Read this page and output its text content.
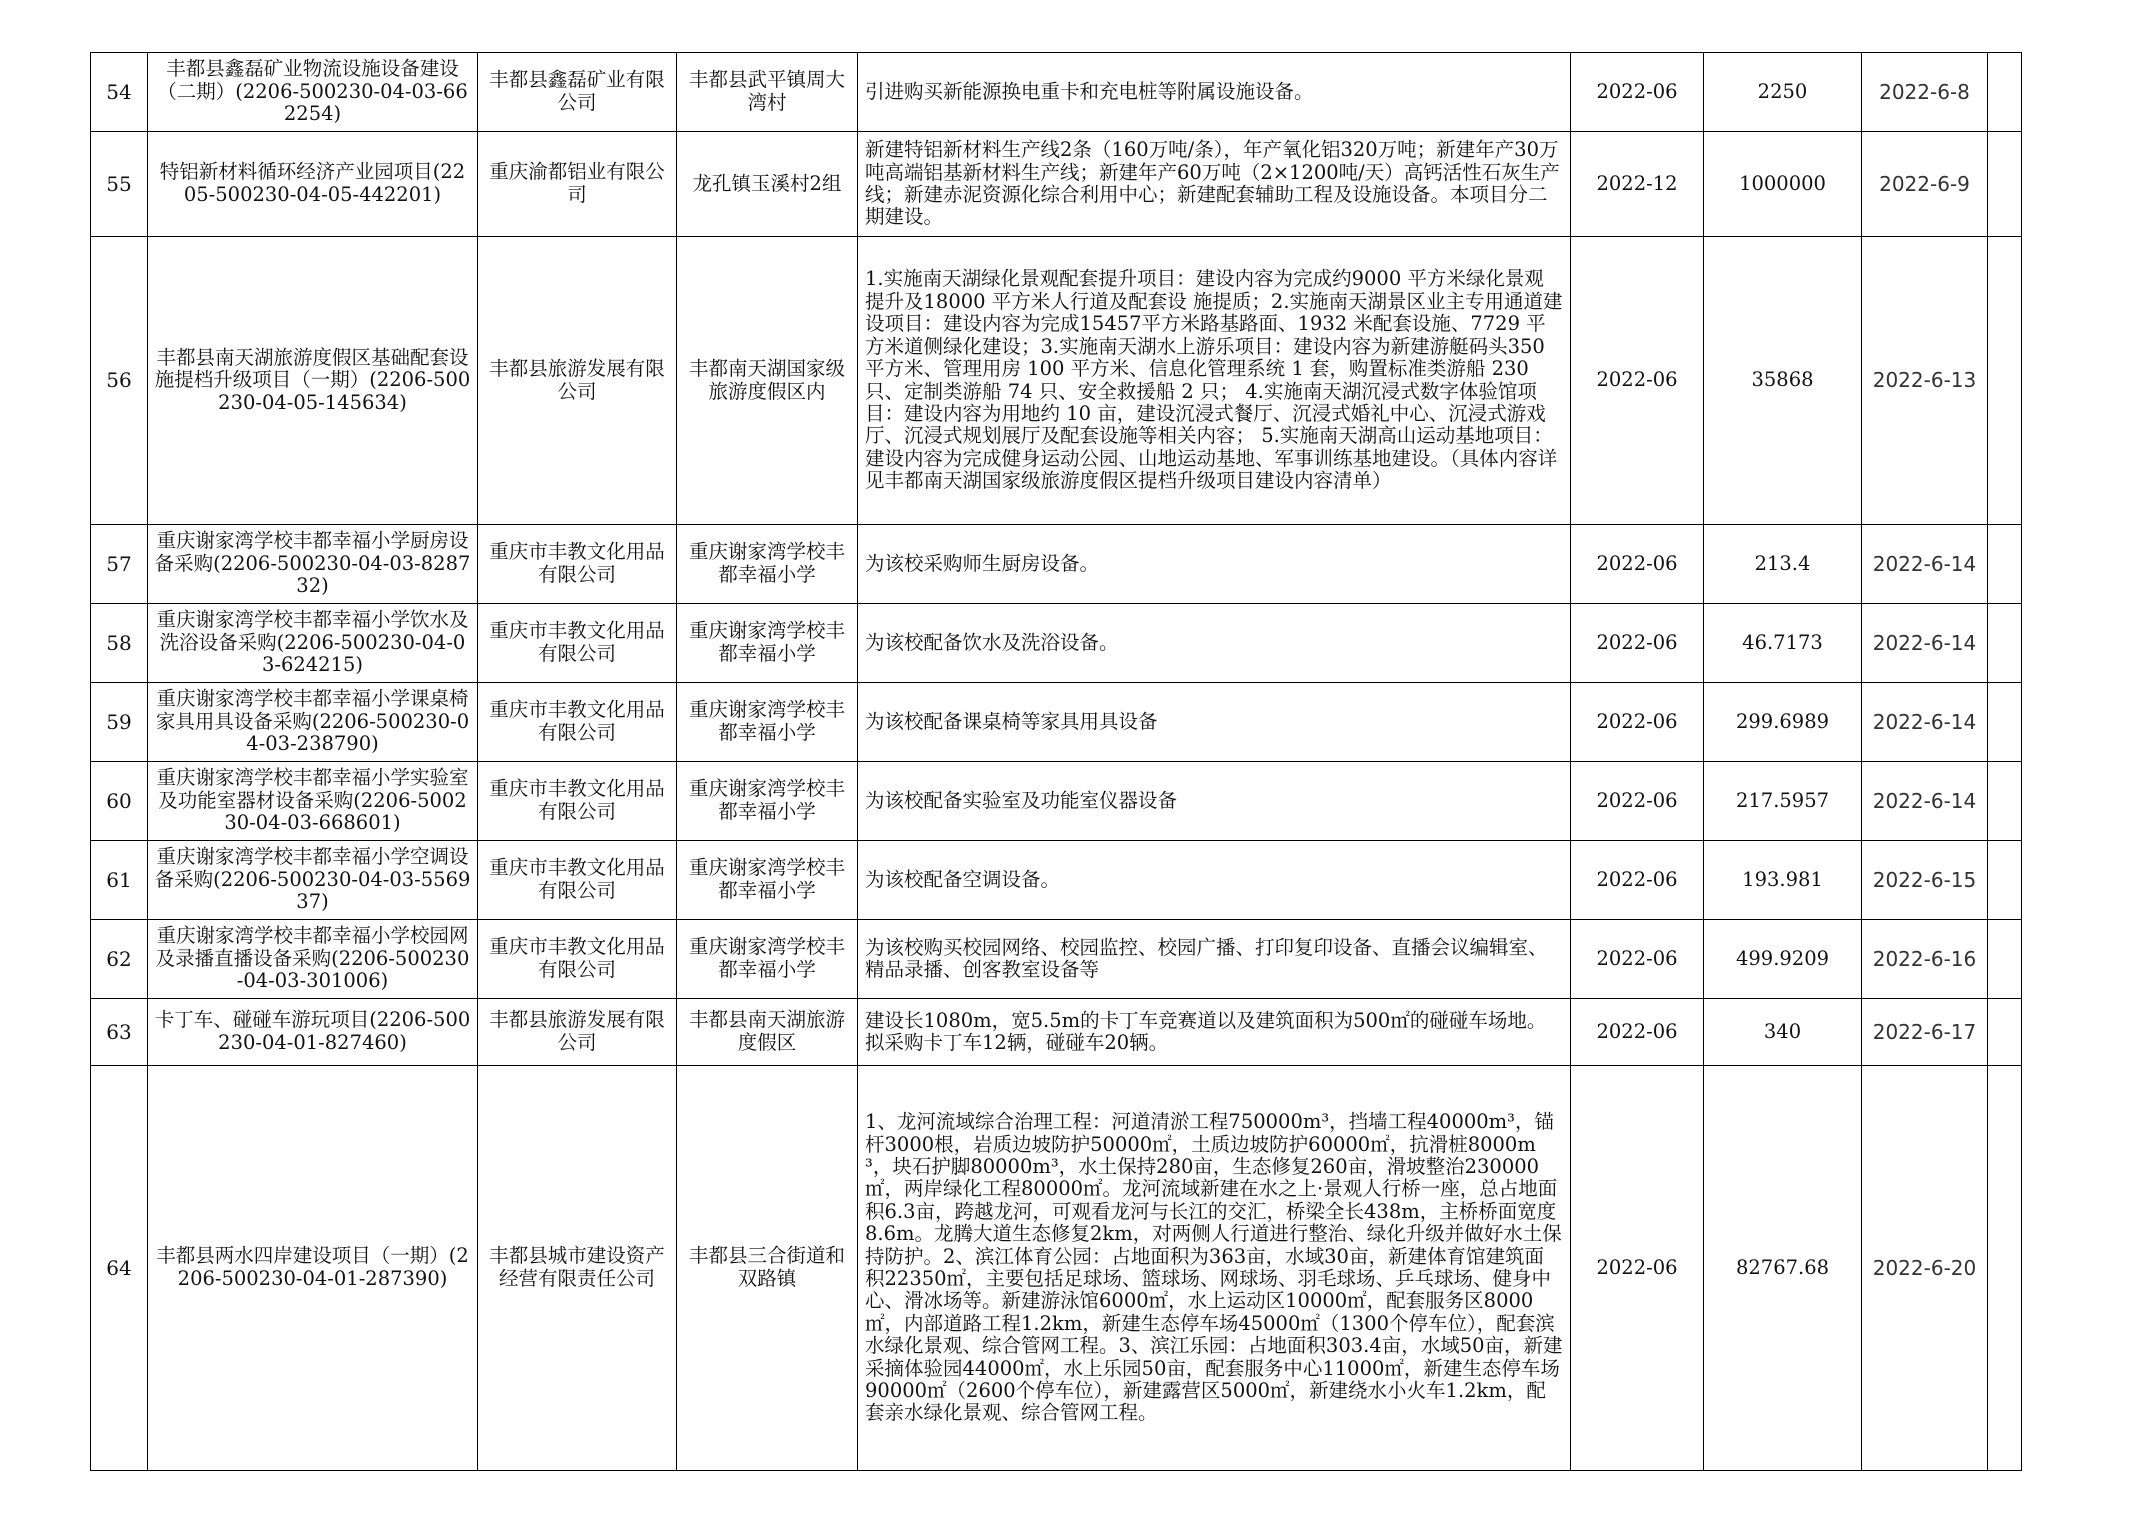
54	丰都县鑫磊矿业物流设施设备建设（二期）(2206-500230-04-03-662254)	丰都县鑫磊矿业有限公司	丰都县武平镇周大湾村	引进购买新能源换电重卡和充电桩等附属设施设备。	2022-06	2250	2022-6-8	
55	特铝新材料循环经济产业园项目(2205-500230-04-05-442201)	重庆渝都铝业有限公司	龙孔镇玉溪村2组	新建特铝新材料生产线2条（160万吨/条），年产氧化铝320万吨；新建年产30万吨高端铝基新材料生产线；新建年产60万吨（2×1200吨/天）高钙活性石灰生产线；新建赤泥资源化综合利用中心；新建配套辅助工程及设施设备。本项目分二期建设。	2022-12	1000000	2022-6-9	
56	丰都县南天湖旅游度假区基础配套设施提档升级项目（一期）(2206-500230-04-05-145634)	丰都县旅游发展有限公司	丰都南天湖国家级旅游度假区内	1.实施南天湖绿化景观配套提升项目：建设内容为完成约9000 平方米绿化景观提升及18000 平方米人行道及配套设 施提质；2.实施南天湖景区业主专用通道建设项目：建设内容为完成15457平方米路基路面、1932 米配套设施、7729 平方米道侧绿化建设；3.实施南天湖水上游乐项目：建设内容为新建游艇码头350 平方米、管理用房 100 平方米、信息化管理系统 1 套，购置标准类游船 230 只、定制类游船 74 只、安全救援船 2 只； 4.实施南天湖沉浸式数字体验馆项目：建设内容为用地约 10 亩，建设沉浸式餐厅、沉浸式婚礼中心、沉浸式游戏厅、沉浸式规划展厅及配套设施等相关内容； 5.实施南天湖高山运动基地项目：建设内容为完成健身运动公园、山地运动基地、军事训练基地建设。（具体内容详见丰都南天湖国家级旅游度假区提档升级项目建设内容清单）	2022-06	35868	2022-6-13	
57	重庆谢家湾学校丰都幸福小学厨房设备采购(2206-500230-04-03-828732)	重庆市丰教文化用品有限公司	重庆谢家湾学校丰都幸福小学	为该校采购师生厨房设备。	2022-06	213.4	2022-6-14	
58	重庆谢家湾学校丰都幸福小学饮水及洗浴设备采购(2206-500230-04-03-624215)	重庆市丰教文化用品有限公司	重庆谢家湾学校丰都幸福小学	为该校配备饮水及洗浴设备。	2022-06	46.7173	2022-6-14	
59	重庆谢家湾学校丰都幸福小学课桌椅家具用具设备采购(2206-500230-04-03-238790)	重庆市丰教文化用品有限公司	重庆谢家湾学校丰都幸福小学	为该校配备课桌椅等家具用具设备	2022-06	299.6989	2022-6-14	
60	重庆谢家湾学校丰都幸福小学实验室及功能室器材设备采购(2206-500230-04-03-668601)	重庆市丰教文化用品有限公司	重庆谢家湾学校丰都幸福小学	为该校配备实验室及功能室仪器设备	2022-06	217.5957	2022-6-14	
61	重庆谢家湾学校丰都幸福小学空调设备采购(2206-500230-04-03-556937)	重庆市丰教文化用品有限公司	重庆谢家湾学校丰都幸福小学	为该校配备空调设备。	2022-06	193.981	2022-6-15	
62	重庆谢家湾学校丰都幸福小学校园网及录播直播设备采购(2206-500230-04-03-301006)	重庆市丰教文化用品有限公司	重庆谢家湾学校丰都幸福小学	为该校购买校园网络、校园监控、校园广播、打印复印设备、直播会议编辑室、精品录播、创客教室设备等	2022-06	499.9209	2022-6-16	
63	卡丁车、碰碰车游玩项目(2206-500230-04-01-827460)	丰都县旅游发展有限公司	丰都县南天湖旅游度假区	建设长1080m，宽5.5m的卡丁车竞赛道以及建筑面积为500㎡的碰碰车场地。拟采购卡丁车12辆，碰碰车20辆。	2022-06	340	2022-6-17	
64	丰都县两水四岸建设项目（一期）(2206-500230-04-01-287390)	丰都县城市建设资产经营有限责任公司	丰都县三合街道和双路镇	1、龙河流域综合治理工程：河道清淤工程750000m³，挡墙工程40000m³，锚杆3000根，岩质边坡防护50000㎡，土质边坡防护60000㎡，抗滑桩8000m³，块石护脚80000m³，水土保持280亩，生态修复260亩，滑坡整治230000㎡，两岸绿化工程80000㎡。龙河流域新建在水之上·景观人行桥一座，总占地面积6.3亩，跨越龙河，可观看龙河与长江的交汇，桥梁全长438m，主桥桥面宽度8.6m。龙腾大道生态修复2km，对两侧人行道进行整治、绿化升级并做好水土保持防护。2、滨江体育公园：占地面积为363亩，水域30亩，新建体育馆建筑面积22350㎡，主要包括足球场、篮球场、网球场、羽毛球场、乒乓球场、健身中心、滑冰场等。新建游泳馆6000㎡，水上运动区10000㎡，配套服务区8000㎡，内部道路工程1.2km，新建生态停车场45000㎡（1300个停车位），配套滨水绿化景观、综合管网工程。3、滨江乐园：占地面积303.4亩，水域50亩，新建采摘体验园44000㎡，水上乐园50亩，配套服务中心11000㎡，新建生态停车场90000㎡（2600个停车位），新建露营区5000㎡，新建绕水小火车1.2km，配套亲水绿化景观、综合管网工程。	2022-06	82767.68	2022-6-20	
